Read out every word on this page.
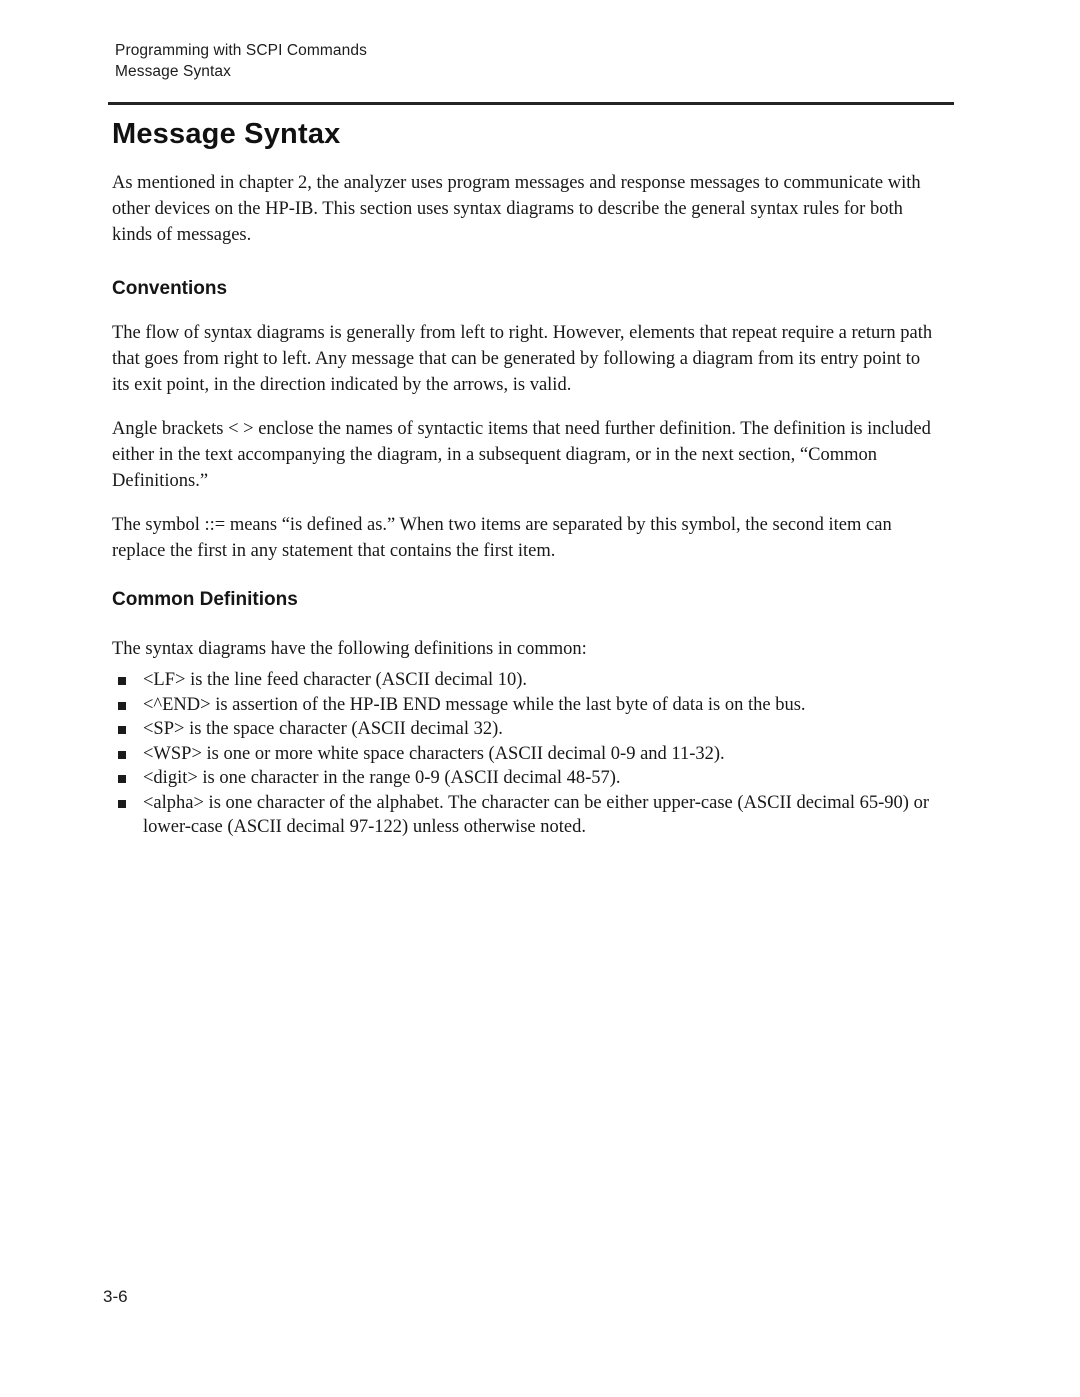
Programming with SCPI Commands
Message Syntax
Message Syntax

As mentioned in chapter 2, the analyzer uses program messages and response messages to communicate with other devices on the HP-IB. This section uses syntax diagrams to describe the general syntax rules for both kinds of messages.

Conventions

The flow of syntax diagrams is generally from left to right. However, elements that repeat require a return path that goes from right to left. Any message that can be generated by following a diagram from its entry point to its exit point, in the direction indicated by the arrows, is valid.

Angle brackets < > enclose the names of syntactic items that need further definition. The definition is included either in the text accompanying the diagram, in a subsequent diagram, or in the next section, “Common Definitions.”

The symbol ::= means “is defined as.” When two items are separated by this symbol, the second item can replace the first in any statement that contains the first item.

Common Definitions

The syntax diagrams have the following definitions in common:

<LF> is the line feed character (ASCII decimal 10).
<^END> is assertion of the HP-IB END message while the last byte of data is on the bus.
<SP> is the space character (ASCII decimal 32).
<WSP> is one or more white space characters (ASCII decimal 0-9 and 11-32).
<digit> is one character in the range 0-9 (ASCII decimal 48-57).
<alpha> is one character of the alphabet. The character can be either upper-case (ASCII decimal 65-90) or lower-case (ASCII decimal 97-122) unless otherwise noted.
3-6
